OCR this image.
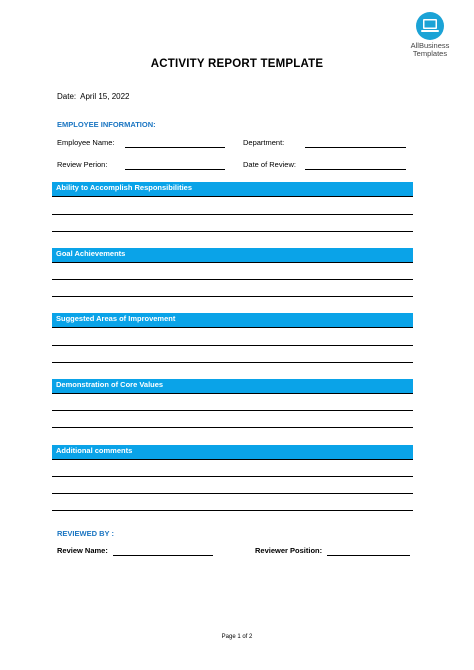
AllBusiness
Templates
ACTIVITY REPORT TEMPLATE
Date: April 15, 2022
EMPLOYEE INFORMATION:
Employee Name:	Department:
Review Perion:	Date of Review:
Ability to Accomplish Responsibilities
Goal Achievements
Suggested Areas of Improvement
Demonstration of Core Values
Additional comments
REVIEWED BY :
Review Name:	Reviewer Position:
Page 1 of 2
